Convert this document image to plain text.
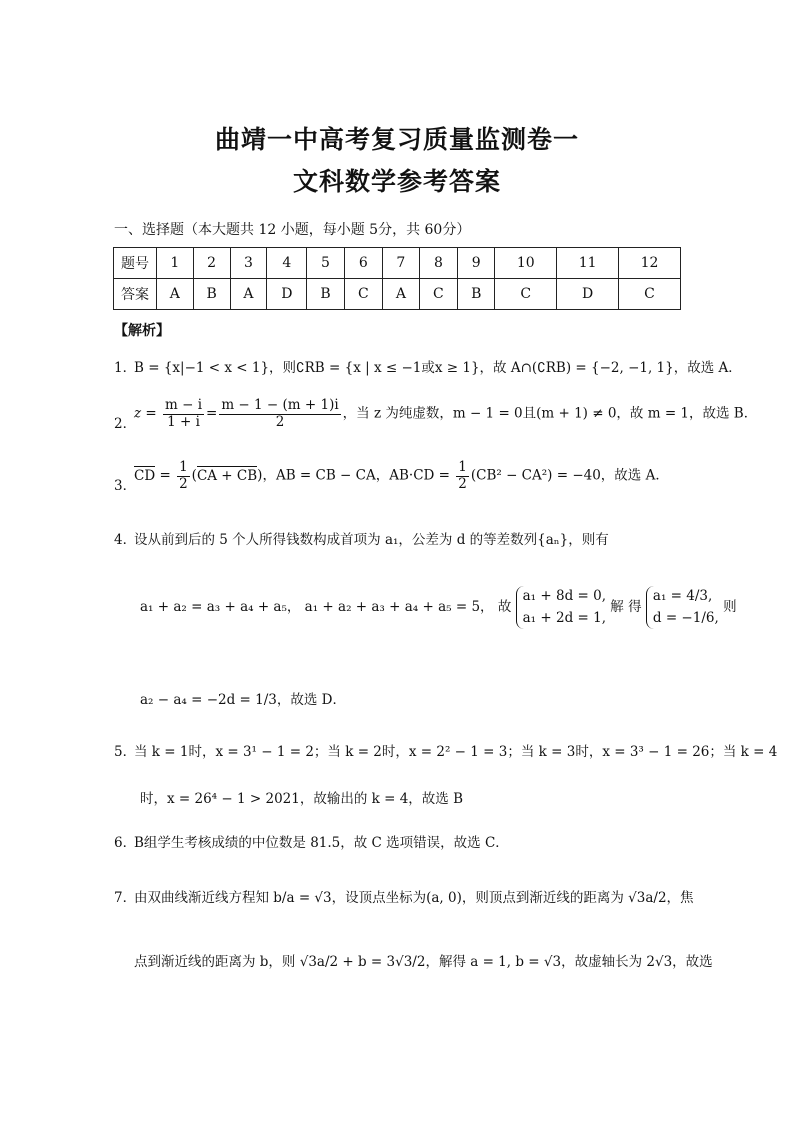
曲靖一中高考复习质量监测卷一
文科数学参考答案
一、选择题（本大题共 12 小题，每小题 5分，共 60分）
题号	1	2	3	4	5	6	7	8	9	10	11	12
答案	A	B	A	D	B	C	A	C	B	C	D	C
【解析】
1．
B = {x|−1 < x < 1}，则∁RB = {x | x ≤ −1或x ≥ 1}，故 A∩(∁RB) = {−2, −1, 1}，故选 A．
2．
$z = \frac{m - i}{1 + i} = \frac{m - 1 - (m + 1)i}{2}$ ，当 z 为纯虚数，m − 1 = 0且(m + 1) ≠ 0，故 m = 1，故选 B．
3．
CD = $\frac{1}{2} (CA + CB)$，AB = CB − CA，$AB\cdot CD = \frac{1}{2} (CB^2 - CA^2) = -40$，故选 A．
4．
设从前到后的 5 个人所得钱数构成首项为 a₁，公差为 d 的等差数列{aₙ}，则有
a₁ + a₂ = a₃ + a₄ + a₅， a₁ + a₂ + a₃ + a₄ + a₅ = 5， 故
a₁ + 8d = 0,
a₁ + 2d = 1,
解 得
a₁ = 4/3,
d = −1/6,
则
a₂ − a₄ = −2d = 1/3，故选 D．
5．
当 k = 1时，x = 3¹ − 1 = 2；当 k = 2时，x = 2² − 1 = 3；当 k = 3时，x = 3³ − 1 = 26；当 k = 4
时，x = 26⁴ − 1 > 2021，故输出的 k = 4，故选 B
6．
B组学生考核成绩的中位数是 81.5，故 C 选项错误，故选 C．
7．
由双曲线渐近线方程知 b/a = √3，设顶点坐标为(a, 0)，则顶点到渐近线的距离为 √3a/2，焦
点到渐近线的距离为 b，则 √3a/2 + b = 3√3/2，解得 a = 1, b = √3，故虚轴长为 2√3，故选
